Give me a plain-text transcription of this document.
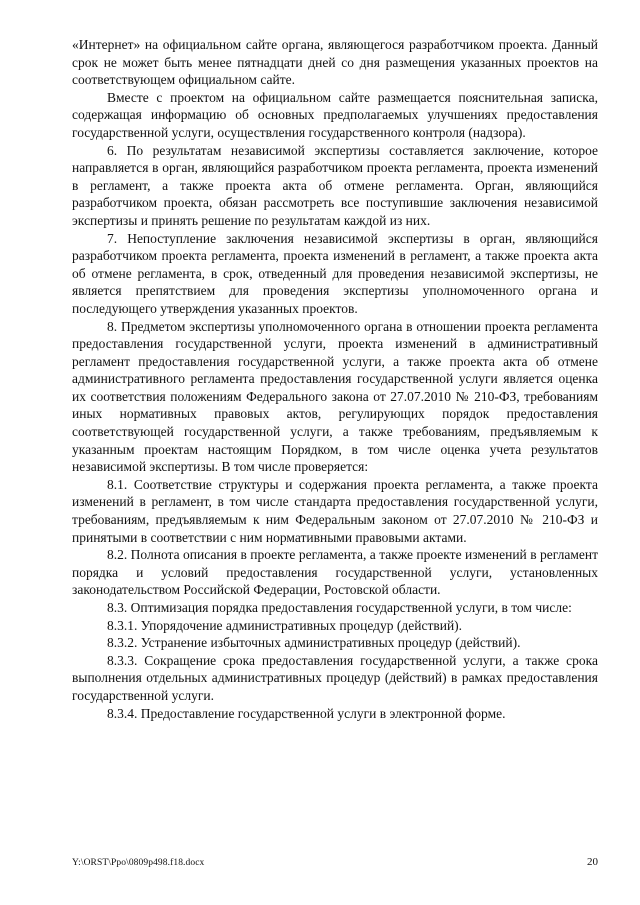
«Интернет» на официальном сайте органа, являющегося разработчиком проекта. Данный срок не может быть менее пятнадцати дней со дня размещения указанных проектов на соответствующем официальном сайте.

Вместе с проектом на официальном сайте размещается пояснительная записка, содержащая информацию об основных предполагаемых улучшениях предоставления государственной услуги, осуществления государственного контроля (надзора).

6. По результатам независимой экспертизы составляется заключение, которое направляется в орган, являющийся разработчиком проекта регламента, проекта изменений в регламент, а также проекта акта об отмене регламента. Орган, являющийся разработчиком проекта, обязан рассмотреть все поступившие заключения независимой экспертизы и принять решение по результатам каждой из них.

7. Непоступление заключения независимой экспертизы в орган, являющийся разработчиком проекта регламента, проекта изменений в регламент, а также проекта акта об отмене регламента, в срок, отведенный для проведения независимой экспертизы, не является препятствием для проведения экспертизы уполномоченного органа и последующего утверждения указанных проектов.

8. Предметом экспертизы уполномоченного органа в отношении проекта регламента предоставления государственной услуги, проекта изменений в административный регламент предоставления государственной услуги, а также проекта акта об отмене административного регламента предоставления государственной услуги является оценка их соответствия положениям Федерального закона от 27.07.2010 № 210-ФЗ, требованиям иных нормативных правовых актов, регулирующих порядок предоставления соответствующей государственной услуги, а также требованиям, предъявляемым к указанным проектам настоящим Порядком, в том числе оценка учета результатов независимой экспертизы. В том числе проверяется:

8.1. Соответствие структуры и содержания проекта регламента, а также проекта изменений в регламент, в том числе стандарта предоставления государственной услуги, требованиям, предъявляемым к ним Федеральным законом от 27.07.2010 № 210-ФЗ и принятыми в соответствии с ним нормативными правовыми актами.

8.2. Полнота описания в проекте регламента, а также проекте изменений в регламент порядка и условий предоставления государственной услуги, установленных законодательством Российской Федерации, Ростовской области.

8.3. Оптимизация порядка предоставления государственной услуги, в том числе:

8.3.1. Упорядочение административных процедур (действий).

8.3.2. Устранение избыточных административных процедур (действий).

8.3.3. Сокращение срока предоставления государственной услуги, а также срока выполнения отдельных административных процедур (действий) в рамках предоставления государственной услуги.

8.3.4. Предоставление государственной услуги в электронной форме.

Y:\ORST\Ppo\0809p498.f18.docx	20
